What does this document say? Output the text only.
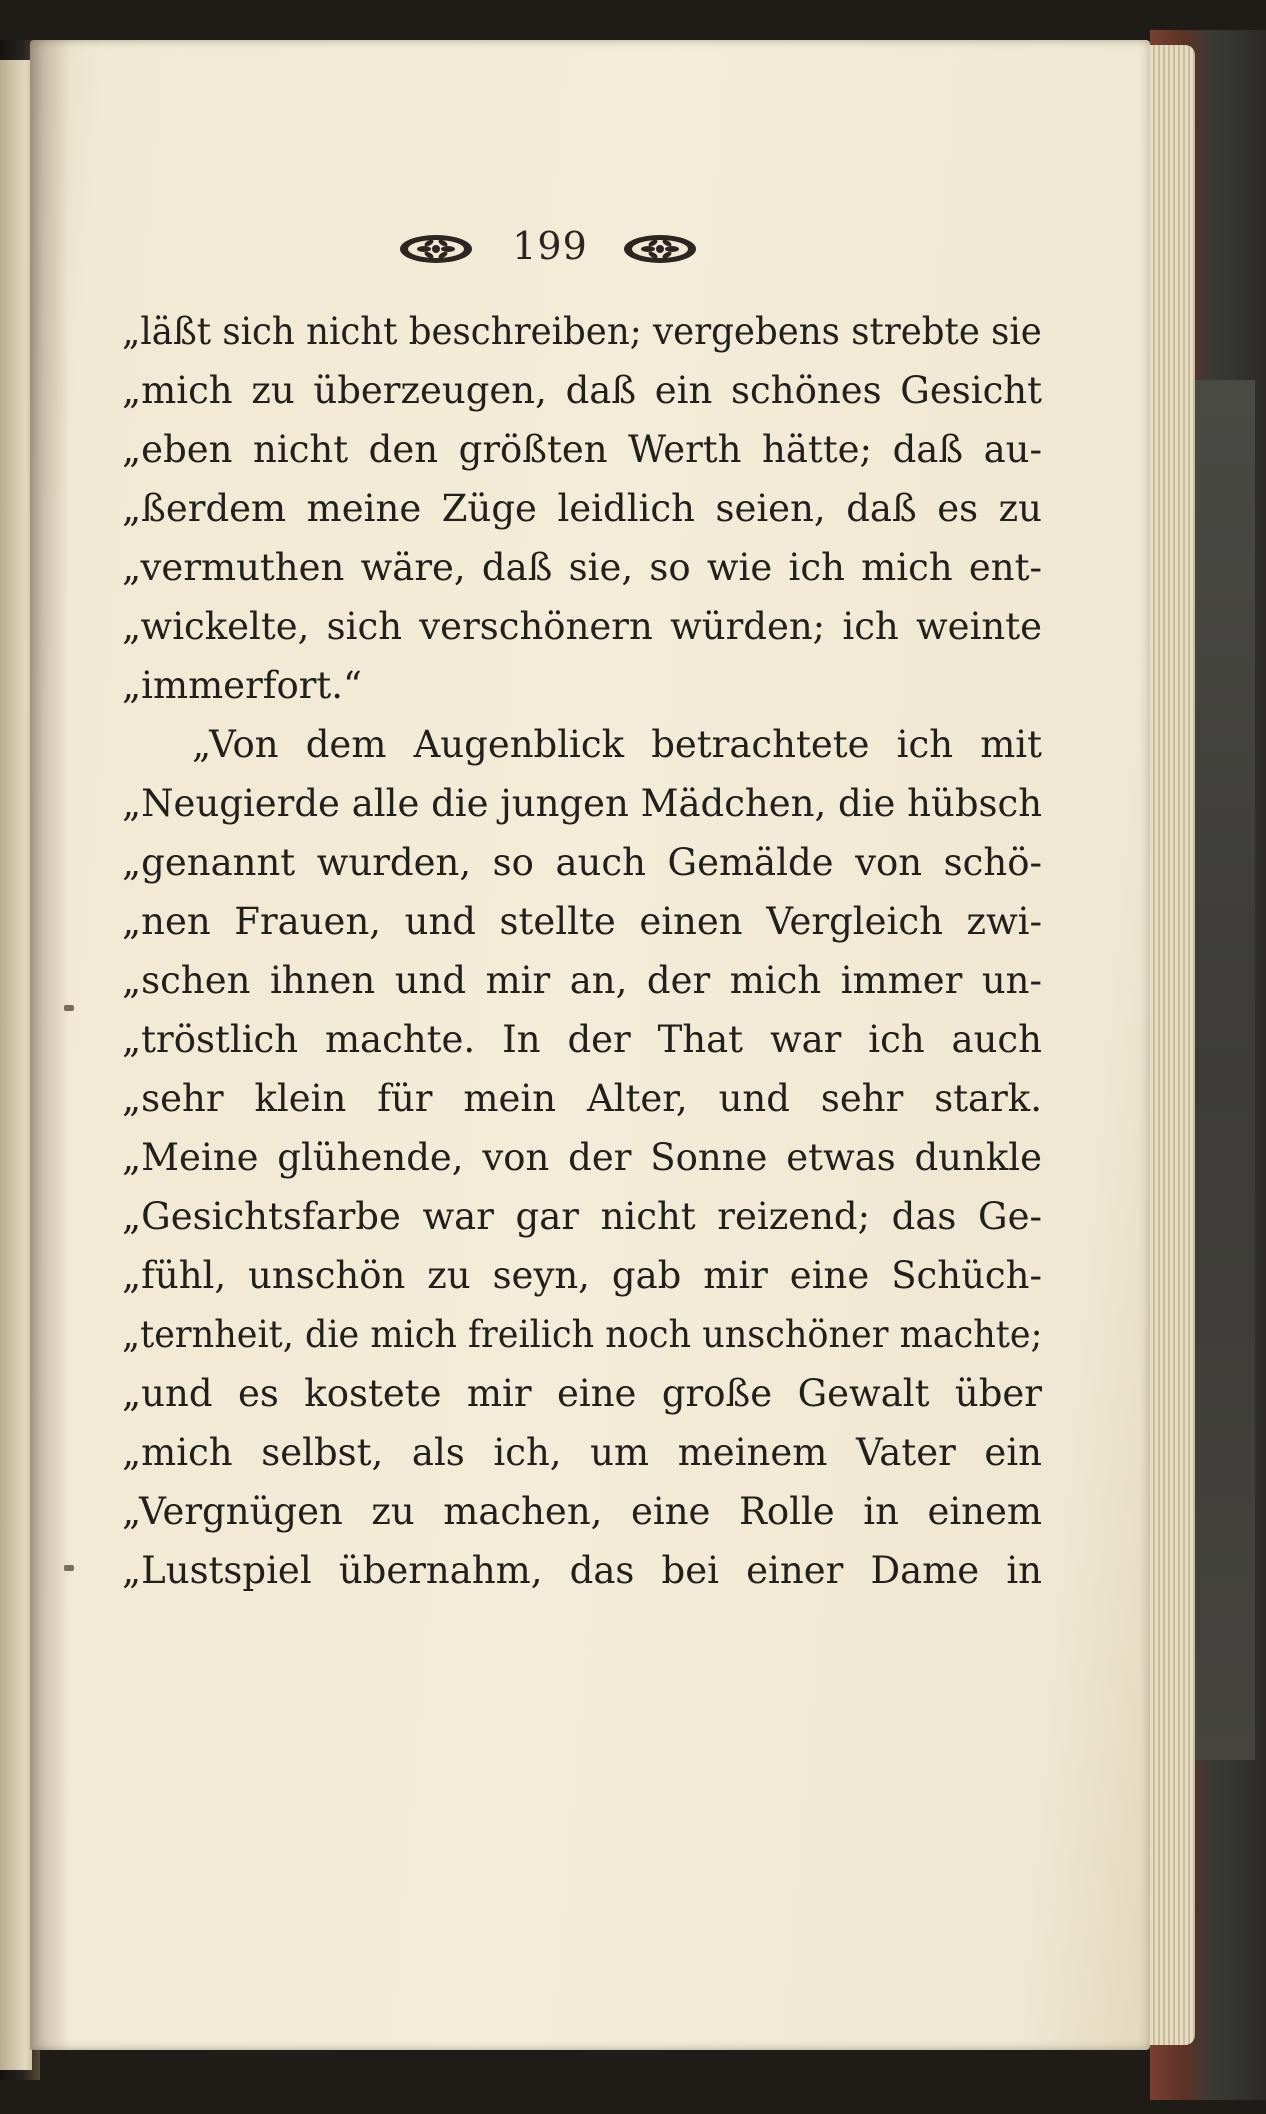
199
„läßt sich nicht beschreiben; vergebens strebte sie
„mich zu überzeugen, daß ein schönes Gesicht
„eben nicht den größten Werth hätte; daß au-
„ßerdem meine Züge leidlich seien, daß es zu
„vermuthen wäre, daß sie, so wie ich mich ent-
„wickelte, sich verschönern würden; ich weinte
„immerfort.“
„Von dem Augenblick betrachtete ich mit
„Neugierde alle die jungen Mädchen, die hübsch
„genannt wurden, so auch Gemälde von schö-
„nen Frauen, und stellte einen Vergleich zwi-
„schen ihnen und mir an, der mich immer un-
„tröstlich machte. In der That war ich auch
„sehr klein für mein Alter, und sehr stark.
„Meine glühende, von der Sonne etwas dunkle
„Gesichtsfarbe war gar nicht reizend; das Ge-
„fühl, unschön zu seyn, gab mir eine Schüch-
„ternheit, die mich freilich noch unschöner machte;
„und es kostete mir eine große Gewalt über
„mich selbst, als ich, um meinem Vater ein
„Vergnügen zu machen, eine Rolle in einem
„Lustspiel übernahm, das bei einer Dame in
